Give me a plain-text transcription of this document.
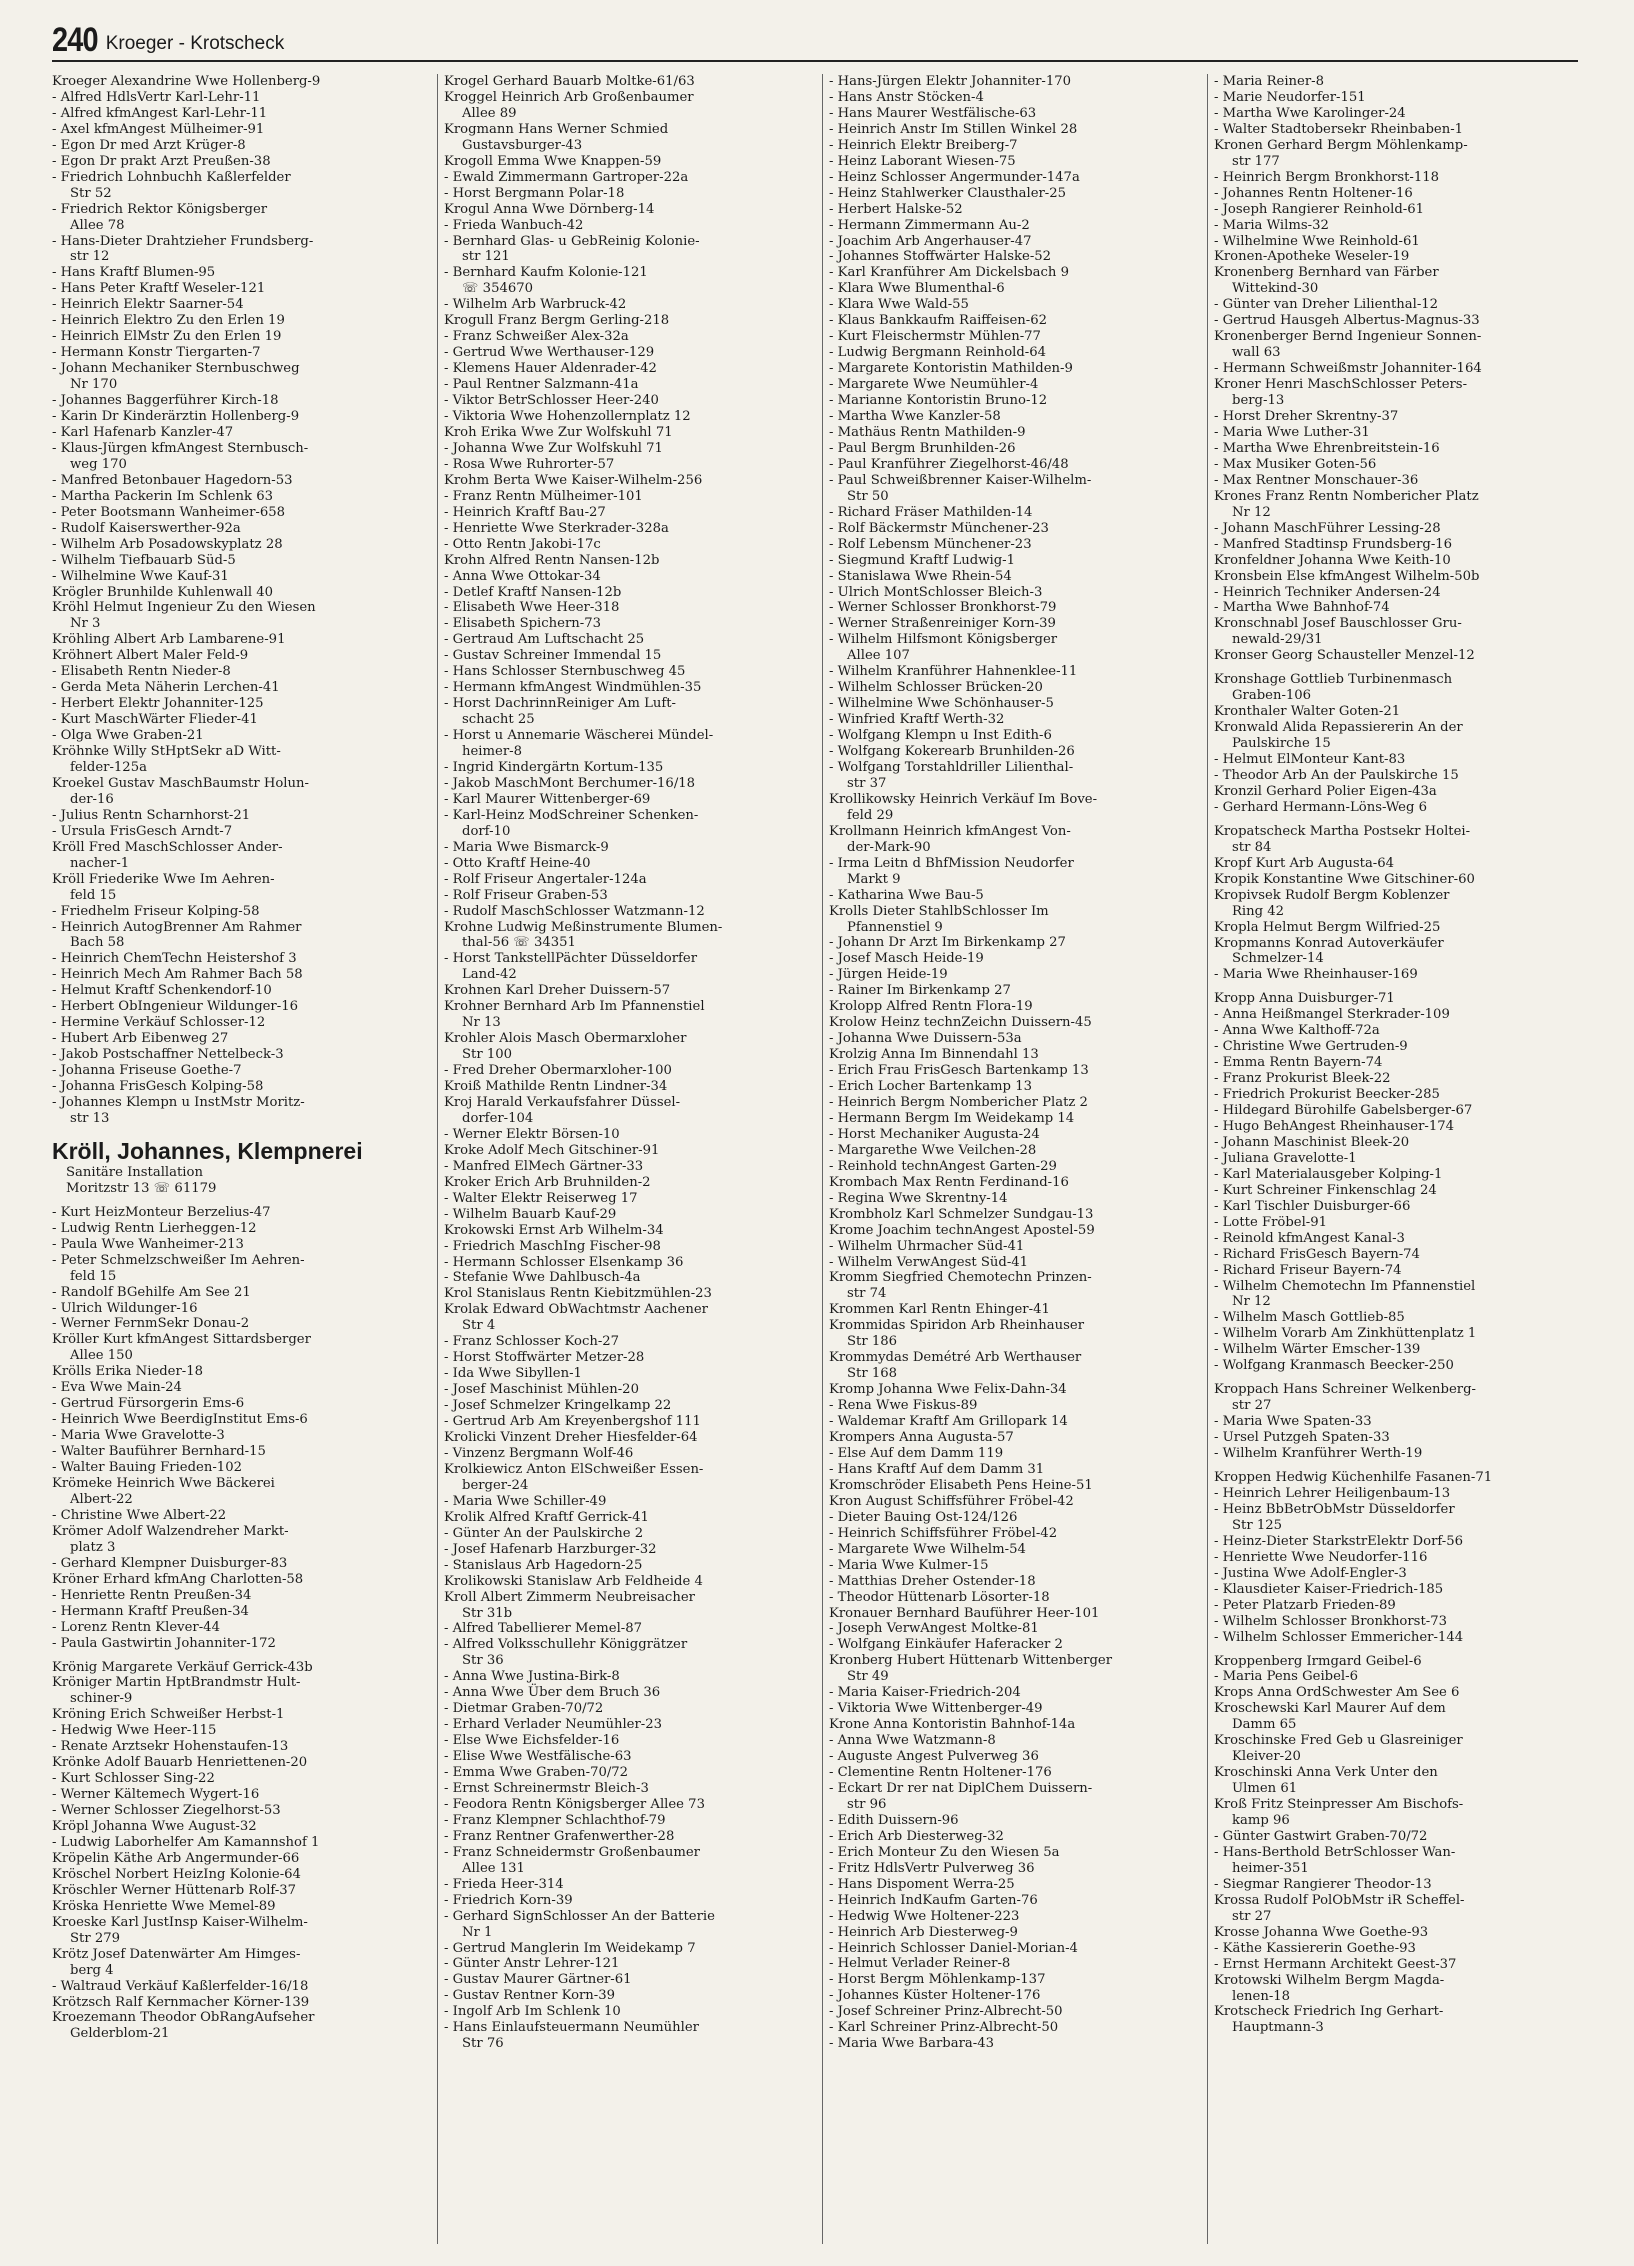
240 Kroeger - Krotscheck
Kroeger Alexandrine Wwe Hollenberg-9
- Alfred HdlsVertr Karl-Lehr-11
- Alfred kfmAngest Karl-Lehr-11
- Axel kfmAngest Mülheimer-91
- Egon Dr med Arzt Krüger-8
- Egon Dr prakt Arzt Preußen-38
- Friedrich Lohnbuchh Kaßlerfelder
Str 52
- Friedrich Rektor Königsberger
Allee 78
- Hans-Dieter Drahtzieher Frundsberg-
str 12
- Hans Kraftf Blumen-95
- Hans Peter Kraftf Weseler-121
- Heinrich Elektr Saarner-54
- Heinrich Elektro Zu den Erlen 19
- Heinrich ElMstr Zu den Erlen 19
- Hermann Konstr Tiergarten-7
- Johann Mechaniker Sternbuschweg
Nr 170
- Johannes Baggerführer Kirch-18
- Karin Dr Kinderärztin Hollenberg-9
- Karl Hafenarb Kanzler-47
- Klaus-Jürgen kfmAngest Sternbusch-
weg 170
- Manfred Betonbauer Hagedorn-53
- Martha Packerin Im Schlenk 63
- Peter Bootsmann Wanheimer-658
- Rudolf Kaiserswerther-92a
- Wilhelm Arb Posadowskyplatz 28
- Wilhelm Tiefbauarb Süd-5
- Wilhelmine Wwe Kauf-31
Krögler Brunhilde Kuhlenwall 40
Kröhl Helmut Ingenieur Zu den Wiesen
Nr 3
Kröhling Albert Arb Lambarene-91
Kröhnert Albert Maler Feld-9
- Elisabeth Rentn Nieder-8
- Gerda Meta Näherin Lerchen-41
- Herbert Elektr Johanniter-125
- Kurt MaschWärter Flieder-41
- Olga Wwe Graben-21
Kröhnke Willy StHptSekr aD Witt-
felder-125a
Kroekel Gustav MaschBaumstr Holun-
der-16
- Julius Rentn Scharnhorst-21
- Ursula FrisGesch Arndt-7
Kröll Fred MaschSchlosser Ander-
nacher-1
Kröll Friederike Wwe Im Aehren-
feld 15
- Friedhelm Friseur Kolping-58
- Heinrich AutogBrenner Am Rahmer
Bach 58
- Heinrich ChemTechn Heistershof 3
- Heinrich Mech Am Rahmer Bach 58
- Helmut Kraftf Schenkendorf-10
- Herbert ObIngenieur Wildunger-16
- Hermine Verkäuf Schlosser-12
- Hubert Arb Eibenweg 27
- Jakob Postschaffner Nettelbeck-3
- Johanna Friseuse Goethe-7
- Johanna FrisGesch Kolping-58
- Johannes Klempn u InstMstr Moritz-
str 13
Kröll, Johannes, Klempnerei
Sanitäre Installation
Moritzstr 13 ☏ 61179
- Kurt HeizMonteur Berzelius-47
- Ludwig Rentn Lierheggen-12
- Paula Wwe Wanheimer-213
- Peter Schmelzschweißer Im Aehren-
feld 15
- Randolf BGehilfe Am See 21
- Ulrich Wildunger-16
- Werner FernmSekr Donau-2
Kröller Kurt kfmAngest Sittardsberger
Allee 150
Krölls Erika Nieder-18
- Eva Wwe Main-24
- Gertrud Fürsorgerin Ems-6
- Heinrich Wwe BeerdigInstitut Ems-6
- Maria Wwe Gravelotte-3
- Walter Bauführer Bernhard-15
- Walter Bauing Frieden-102
Krömeke Heinrich Wwe Bäckerei
Albert-22
- Christine Wwe Albert-22
Krömer Adolf Walzendreher Markt-
platz 3
- Gerhard Klempner Duisburger-83
Kröner Erhard kfmAng Charlotten-58
- Henriette Rentn Preußen-34
- Hermann Kraftf Preußen-34
- Lorenz Rentn Klever-44
- Paula Gastwirtin Johanniter-172
Krönig Margarete Verkäuf Gerrick-43b
Kröniger Martin HptBrandmstr Hult-
schiner-9
Kröning Erich Schweißer Herbst-1
- Hedwig Wwe Heer-115
- Renate Arztsekr Hohenstaufen-13
Krönke Adolf Bauarb Henriettenen-20
- Kurt Schlosser Sing-22
- Werner Kältemech Wygert-16
- Werner Schlosser Ziegelhorst-53
Kröpl Johanna Wwe August-32
- Ludwig Laborhelfer Am Kamannshof 1
Kröpelin Käthe Arb Angermunder-66
Kröschel Norbert HeizIng Kolonie-64
Kröschler Werner Hüttenarb Rolf-37
Kröska Henriette Wwe Memel-89
Kroeske Karl JustInsp Kaiser-Wilhelm-
Str 279
Krötz Josef Datenwärter Am Himges-
berg 4
- Waltraud Verkäuf Kaßlerfelder-16/18
Krötzsch Ralf Kernmacher Körner-139
Kroezemann Theodor ObRangAufseher
Gelderblom-21
Krogel Gerhard Bauarb Moltke-61/63
Kroggel Heinrich Arb Großenbaumer
Allee 89
Krogmann Hans Werner Schmied
Gustavsburger-43
Krogoll Emma Wwe Knappen-59
- Ewald Zimmermann Gartroper-22a
- Horst Bergmann Polar-18
Krogul Anna Wwe Dörnberg-14
- Frieda Wanbuch-42
- Bernhard Glas- u GebReinig Kolonie-
str 121
- Bernhard Kaufm Kolonie-121
☏ 354670
- Wilhelm Arb Warbruck-42
Krogull Franz Bergm Gerling-218
- Franz Schweißer Alex-32a
- Gertrud Wwe Werthauser-129
- Klemens Hauer Aldenrader-42
- Paul Rentner Salzmann-41a
- Viktor BetrSchlosser Heer-240
- Viktoria Wwe Hohenzollernplatz 12
Kroh Erika Wwe Zur Wolfskuhl 71
- Johanna Wwe Zur Wolfskuhl 71
- Rosa Wwe Ruhrorter-57
Krohm Berta Wwe Kaiser-Wilhelm-256
- Franz Rentn Mülheimer-101
- Heinrich Kraftf Bau-27
- Henriette Wwe Sterkrader-328a
- Otto Rentn Jakobi-17c
Krohn Alfred Rentn Nansen-12b
- Anna Wwe Ottokar-34
- Detlef Kraftf Nansen-12b
- Elisabeth Wwe Heer-318
- Elisabeth Spichern-73
- Gertraud Am Luftschacht 25
- Gustav Schreiner Immendal 15
- Hans Schlosser Sternbuschweg 45
- Hermann kfmAngest Windmühlen-35
- Horst DachrinnReiniger Am Luft-
schacht 25
- Horst u Annemarie Wäscherei Mündel-
heimer-8
- Ingrid Kindergärtn Kortum-135
- Jakob MaschMont Berchumer-16/18
- Karl Maurer Wittenberger-69
- Karl-Heinz ModSchreiner Schenken-
dorf-10
- Maria Wwe Bismarck-9
- Otto Kraftf Heine-40
- Rolf Friseur Angertaler-124a
- Rolf Friseur Graben-53
- Rudolf MaschSchlosser Watzmann-12
Krohne Ludwig Meßinstrumente Blumen-
thal-56 ☏ 34351
- Horst TankstellPächter Düsseldorfer
Land-42
Krohnen Karl Dreher Duissern-57
Krohner Bernhard Arb Im Pfannenstiel
Nr 13
Krohler Alois Masch Obermarxloher
Str 100
- Fred Dreher Obermarxloher-100
Kroiß Mathilde Rentn Lindner-34
Kroj Harald Verkaufsfahrer Düssel-
dorfer-104
- Werner Elektr Börsen-10
Kroke Adolf Mech Gitschiner-91
- Manfred ElMech Gärtner-33
Kroker Erich Arb Bruhnilden-2
- Walter Elektr Reiserweg 17
- Wilhelm Bauarb Kauf-29
Krokowski Ernst Arb Wilhelm-34
- Friedrich MaschIng Fischer-98
- Hermann Schlosser Elsenkamp 36
- Stefanie Wwe Dahlbusch-4a
Krol Stanislaus Rentn Kiebitzmühlen-23
Krolak Edward ObWachtmstr Aachener
Str 4
- Franz Schlosser Koch-27
- Horst Stoffwärter Metzer-28
- Ida Wwe Sibyllen-1
- Josef Maschinist Mühlen-20
- Josef Schmelzer Kringelkamp 22
- Gertrud Arb Am Kreyenbergshof 111
Krolicki Vinzent Dreher Hiesfelder-64
- Vinzenz Bergmann Wolf-46
Krolkiewicz Anton ElSchweißer Essen-
berger-24
- Maria Wwe Schiller-49
Krolik Alfred Kraftf Gerrick-41
- Günter An der Paulskirche 2
- Josef Hafenarb Harzburger-32
- Stanislaus Arb Hagedorn-25
Krolikowski Stanislaw Arb Feldheide 4
Kroll Albert Zimmerm Neubreisacher
Str 31b
- Alfred Tabellierer Memel-87
- Alfred Volksschullehr Königgrätzer
Str 36
- Anna Wwe Justina-Birk-8
- Anna Wwe Über dem Bruch 36
- Dietmar Graben-70/72
- Erhard Verlader Neumühler-23
- Else Wwe Eichsfelder-16
- Elise Wwe Westfälische-63
- Emma Wwe Graben-70/72
- Ernst Schreinermstr Bleich-3
- Feodora Rentn Königsberger Allee 73
- Franz Klempner Schlachthof-79
- Franz Rentner Grafenwerther-28
- Franz Schneidermstr Großenbaumer
Allee 131
- Frieda Heer-314
- Friedrich Korn-39
- Gerhard SignSchlosser An der Batterie
Nr 1
- Gertrud Manglerin Im Weidekamp 7
- Günter Anstr Lehrer-121
- Gustav Maurer Gärtner-61
- Gustav Rentner Korn-39
- Ingolf Arb Im Schlenk 10
- Hans Einlaufsteuermann Neumühler
Str 76
- Hans-Jürgen Elektr Johanniter-170
- Hans Anstr Stöcken-4
- Hans Maurer Westfälische-63
- Heinrich Anstr Im Stillen Winkel 28
- Heinrich Elektr Breiberg-7
- Heinz Laborant Wiesen-75
- Heinz Schlosser Angermunder-147a
- Heinz Stahlwerker Clausthaler-25
- Herbert Halske-52
- Hermann Zimmermann Au-2
- Joachim Arb Angerhauser-47
- Johannes Stoffwärter Halske-52
- Karl Kranführer Am Dickelsbach 9
- Klara Wwe Blumenthal-6
- Klara Wwe Wald-55
- Klaus Bankkaufm Raiffeisen-62
- Kurt Fleischermstr Mühlen-77
- Ludwig Bergmann Reinhold-64
- Margarete Kontoristin Mathilden-9
- Margarete Wwe Neumühler-4
- Marianne Kontoristin Bruno-12
- Martha Wwe Kanzler-58
- Mathäus Rentn Mathilden-9
- Paul Bergm Brunhilden-26
- Paul Kranführer Ziegelhorst-46/48
- Paul Schweißbrenner Kaiser-Wilhelm-
Str 50
- Richard Fräser Mathilden-14
- Rolf Bäckermstr Münchener-23
- Rolf Lebensm Münchener-23
- Siegmund Kraftf Ludwig-1
- Stanislawa Wwe Rhein-54
- Ulrich MontSchlosser Bleich-3
- Werner Schlosser Bronkhorst-79
- Werner Straßenreiniger Korn-39
- Wilhelm Hilfsmont Königsberger
Allee 107
- Wilhelm Kranführer Hahnenklee-11
- Wilhelm Schlosser Brücken-20
- Wilhelmine Wwe Schönhauser-5
- Winfried Kraftf Werth-32
- Wolfgang Klempn u Inst Edith-6
- Wolfgang Kokerearb Brunhilden-26
- Wolfgang Torstahldriller Lilienthal-
str 37
Krollikowsky Heinrich Verkäuf Im Bove-
feld 29
Krollmann Heinrich kfmAngest Von-
der-Mark-90
- Irma Leitn d BhfMission Neudorfer
Markt 9
- Katharina Wwe Bau-5
Krolls Dieter StahlbSchlosser Im
Pfannenstiel 9
- Johann Dr Arzt Im Birkenkamp 27
- Josef Masch Heide-19
- Jürgen Heide-19
- Rainer Im Birkenkamp 27
Krolopp Alfred Rentn Flora-19
Krolow Heinz technZeichn Duissern-45
- Johanna Wwe Duissern-53a
Krolzig Anna Im Binnendahl 13
- Erich Frau FrisGesch Bartenkamp 13
- Erich Locher Bartenkamp 13
- Heinrich Bergm Nombericher Platz 2
- Hermann Bergm Im Weidekamp 14
- Horst Mechaniker Augusta-24
- Margarethe Wwe Veilchen-28
- Reinhold technAngest Garten-29
Krombach Max Rentn Ferdinand-16
- Regina Wwe Skrentny-14
Krombholz Karl Schmelzer Sundgau-13
Krome Joachim technAngest Apostel-59
- Wilhelm Uhrmacher Süd-41
- Wilhelm VerwAngest Süd-41
Kromm Siegfried Chemotechn Prinzen-
str 74
Krommen Karl Rentn Ehinger-41
Krommidas Spiridon Arb Rheinhauser
Str 186
Krommydas Demétré Arb Werthauser
Str 168
Kromp Johanna Wwe Felix-Dahn-34
- Rena Wwe Fiskus-89
- Waldemar Kraftf Am Grillopark 14
Krompers Anna Augusta-57
- Else Auf dem Damm 119
- Hans Kraftf Auf dem Damm 31
Kromschröder Elisabeth Pens Heine-51
Kron August Schiffsführer Fröbel-42
- Dieter Bauing Ost-124/126
- Heinrich Schiffsführer Fröbel-42
- Margarete Wwe Wilhelm-54
- Maria Wwe Kulmer-15
- Matthias Dreher Ostender-18
- Theodor Hüttenarb Lösorter-18
Kronauer Bernhard Bauführer Heer-101
- Joseph VerwAngest Moltke-81
- Wolfgang Einkäufer Haferacker 2
Kronberg Hubert Hüttenarb Wittenberger
Str 49
- Maria Kaiser-Friedrich-204
- Viktoria Wwe Wittenberger-49
Krone Anna Kontoristin Bahnhof-14a
- Anna Wwe Watzmann-8
- Auguste Angest Pulverweg 36
- Clementine Rentn Holtener-176
- Eckart Dr rer nat DiplChem Duissern-
str 96
- Edith Duissern-96
- Erich Arb Diesterweg-32
- Erich Monteur Zu den Wiesen 5a
- Fritz HdlsVertr Pulverweg 36
- Hans Dispoment Werra-25
- Heinrich IndKaufm Garten-76
- Hedwig Wwe Holtener-223
- Heinrich Arb Diesterweg-9
- Heinrich Schlosser Daniel-Morian-4
- Helmut Verlader Reiner-8
- Horst Bergm Möhlenkamp-137
- Johannes Küster Holtener-176
- Josef Schreiner Prinz-Albrecht-50
- Karl Schreiner Prinz-Albrecht-50
- Maria Wwe Barbara-43
- Maria Reiner-8
- Marie Neudorfer-151
- Martha Wwe Karolinger-24
- Walter Stadtobersekr Rheinbaben-1
Kronen Gerhard Bergm Möhlenkamp-
str 177
- Heinrich Bergm Bronkhorst-118
- Johannes Rentn Holtener-16
- Joseph Rangierer Reinhold-61
- Maria Wilms-32
- Wilhelmine Wwe Reinhold-61
Kronen-Apotheke Weseler-19
Kronenberg Bernhard van Färber
Wittekind-30
- Günter van Dreher Lilienthal-12
- Gertrud Hausgeh Albertus-Magnus-33
Kronenberger Bernd Ingenieur Sonnen-
wall 63
- Hermann Schweißmstr Johanniter-164
Kroner Henri MaschSchlosser Peters-
berg-13
- Horst Dreher Skrentny-37
- Maria Wwe Luther-31
- Martha Wwe Ehrenbreitstein-16
- Max Musiker Goten-56
- Max Rentner Monschauer-36
Krones Franz Rentn Nombericher Platz
Nr 12
- Johann MaschFührer Lessing-28
- Manfred Stadtinsp Frundsberg-16
Kronfeldner Johanna Wwe Keith-10
Kronsbein Else kfmAngest Wilhelm-50b
- Heinrich Techniker Andersen-24
- Martha Wwe Bahnhof-74
Kronschnabl Josef Bauschlosser Gru-
newald-29/31
Kronser Georg Schausteller Menzel-12
Kronshage Gottlieb Turbinenmasch
Graben-106
Kronthaler Walter Goten-21
Kronwald Alida Repassiererin An der
Paulskirche 15
- Helmut ElMonteur Kant-83
- Theodor Arb An der Paulskirche 15
Kronzil Gerhard Polier Eigen-43a
- Gerhard Hermann-Löns-Weg 6
Kropatscheck Martha Postsekr Holtei-
str 84
Kropf Kurt Arb Augusta-64
Kropik Konstantine Wwe Gitschiner-60
Kropivsek Rudolf Bergm Koblenzer
Ring 42
Kropla Helmut Bergm Wilfried-25
Kropmanns Konrad Autoverkäufer
Schmelzer-14
- Maria Wwe Rheinhauser-169
Kropp Anna Duisburger-71
- Anna Heißmangel Sterkrader-109
- Anna Wwe Kalthoff-72a
- Christine Wwe Gertruden-9
- Emma Rentn Bayern-74
- Franz Prokurist Bleek-22
- Friedrich Prokurist Beecker-285
- Hildegard Bürohilfe Gabelsberger-67
- Hugo BehAngest Rheinhauser-174
- Johann Maschinist Bleek-20
- Juliana Gravelotte-1
- Karl Materialausgeber Kolping-1
- Kurt Schreiner Finkenschlag 24
- Karl Tischler Duisburger-66
- Lotte Fröbel-91
- Reinold kfmAngest Kanal-3
- Richard FrisGesch Bayern-74
- Richard Friseur Bayern-74
- Wilhelm Chemotechn Im Pfannenstiel
Nr 12
- Wilhelm Masch Gottlieb-85
- Wilhelm Vorarb Am Zinkhüttenplatz 1
- Wilhelm Wärter Emscher-139
- Wolfgang Kranmasch Beecker-250
Kroppach Hans Schreiner Welkenberg-
str 27
- Maria Wwe Spaten-33
- Ursel Putzgeh Spaten-33
- Wilhelm Kranführer Werth-19
Kroppen Hedwig Küchenhilfe Fasanen-71
- Heinrich Lehrer Heiligenbaum-13
- Heinz BbBetrObMstr Düsseldorfer
Str 125
- Heinz-Dieter StarkstrElektr Dorf-56
- Henriette Wwe Neudorfer-116
- Justina Wwe Adolf-Engler-3
- Klausdieter Kaiser-Friedrich-185
- Peter Platzarb Frieden-89
- Wilhelm Schlosser Bronkhorst-73
- Wilhelm Schlosser Emmericher-144
Kroppenberg Irmgard Geibel-6
- Maria Pens Geibel-6
Krops Anna OrdSchwester Am See 6
Kroschewski Karl Maurer Auf dem
Damm 65
Kroschinske Fred Geb u Glasreiniger
Kleiver-20
Kroschinski Anna Verk Unter den
Ulmen 61
Kroß Fritz Steinpresser Am Bischofs-
kamp 96
- Günter Gastwirt Graben-70/72
- Hans-Berthold BetrSchlosser Wan-
heimer-351
- Siegmar Rangierer Theodor-13
Krossa Rudolf PolObMstr iR Scheffel-
str 27
Krosse Johanna Wwe Goethe-93
- Käthe Kassiererin Goethe-93
- Ernst Hermann Architekt Geest-37
Krotowski Wilhelm Bergm Magda-
lenen-18
Krotscheck Friedrich Ing Gerhart-
Hauptmann-3
